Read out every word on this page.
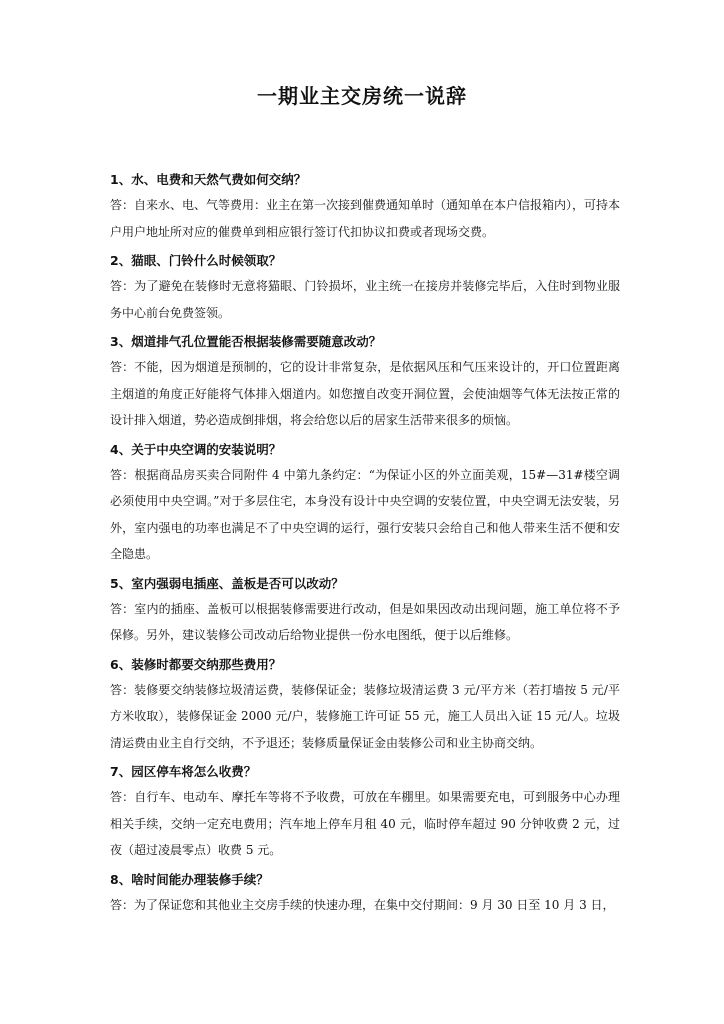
一期业主交房统一说辞

1、水、电费和天然气费如何交纳？

答：自来水、电、气等费用：业主在第一次接到催费通知单时（通知单在本户信报箱内），可持本户用户地址所对应的催费单到相应银行签订代扣协议扣费或者现场交费。

2、猫眼、门铃什么时候领取？

答：为了避免在装修时无意将猫眼、门铃损坏，业主统一在接房并装修完毕后，入住时到物业服务中心前台免费签领。

3、烟道排气孔位置能否根据装修需要随意改动？

答：不能，因为烟道是预制的，它的设计非常复杂，是依据风压和气压来设计的，开口位置距离主烟道的角度正好能将气体排入烟道内。如您擅自改变开洞位置，会使油烟等气体无法按正常的设计排入烟道，势必造成倒排烟，将会给您以后的居家生活带来很多的烦恼。

4、关于中央空调的安装说明？

答：根据商品房买卖合同附件 4 中第九条约定：“为保证小区的外立面美观，15#—31#楼空调必须使用中央空调。”对于多层住宅，本身没有设计中央空调的安装位置，中央空调无法安装，另外，室内强电的功率也满足不了中央空调的运行，强行安装只会给自己和他人带来生活不便和安全隐患。

5、室内强弱电插座、盖板是否可以改动？

答：室内的插座、盖板可以根据装修需要进行改动，但是如果因改动出现问题，施工单位将不予保修。另外，建议装修公司改动后给物业提供一份水电图纸，便于以后维修。

6、装修时都要交纳那些费用？

答：装修要交纳装修垃圾清运费，装修保证金；装修垃圾清运费 3 元/平方米（若打墙按 5 元/平方米收取），装修保证金 2000 元/户，装修施工许可证 55 元，施工人员出入证 15 元/人。垃圾清运费由业主自行交纳，不予退还；装修质量保证金由装修公司和业主协商交纳。

7、园区停车将怎么收费？

答：自行车、电动车、摩托车等将不予收费，可放在车棚里。如果需要充电，可到服务中心办理相关手续，交纳一定充电费用；汽车地上停车月租 40 元，临时停车超过 90 分钟收费 2 元，过夜（超过凌晨零点）收费 5 元。

8、啥时间能办理装修手续？

答：为了保证您和其他业主交房手续的快速办理，在集中交付期间：9 月 30 日至 10 月 3 日，
